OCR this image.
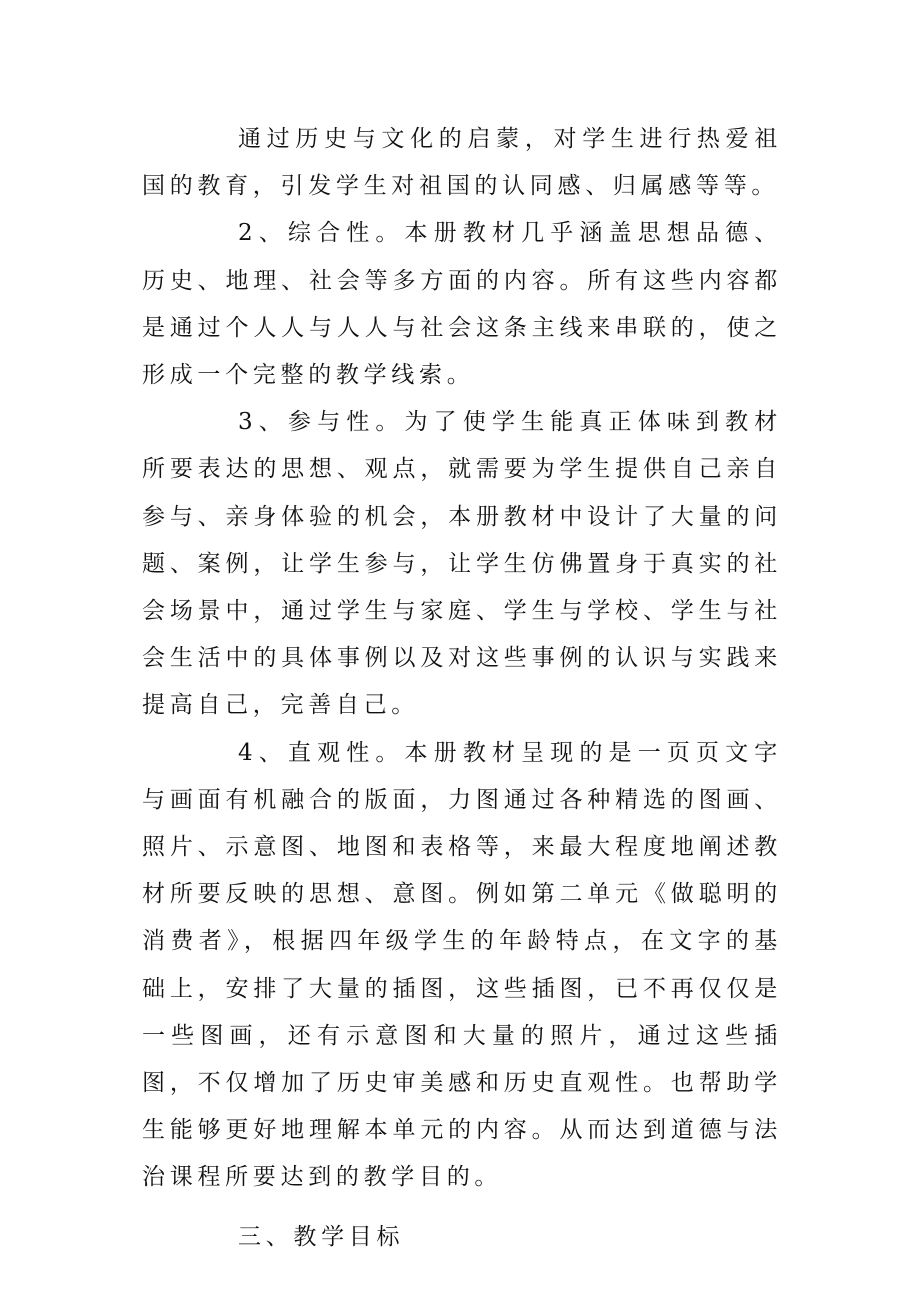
通过历史与文化的启蒙，对学生进行热爱祖国的教育，引发学生对祖国的认同感、归属感等等。

2、综合性。本册教材几乎涵盖思想品德、历史、地理、社会等多方面的内容。所有这些内容都是通过个人人与人人与社会这条主线来串联的，使之形成一个完整的教学线索。

3、参与性。为了使学生能真正体味到教材所要表达的思想、观点，就需要为学生提供自己亲自参与、亲身体验的机会，本册教材中设计了大量的问题、案例，让学生参与，让学生仿佛置身于真实的社会场景中，通过学生与家庭、学生与学校、学生与社会生活中的具体事例以及对这些事例的认识与实践来提高自己，完善自己。

4、直观性。本册教材呈现的是一页页文字与画面有机融合的版面，力图通过各种精选的图画、照片、示意图、地图和表格等，来最大程度地阐述教材所要反映的思想、意图。例如第二单元《做聪明的消费者》，根据四年级学生的年龄特点，在文字的基础上，安排了大量的插图，这些插图，已不再仅仅是一些图画，还有示意图和大量的照片，通过这些插图，不仅增加了历史审美感和历史直观性。也帮助学生能够更好地理解本单元的内容。从而达到道德与法治课程所要达到的教学目的。

三、教学目标
